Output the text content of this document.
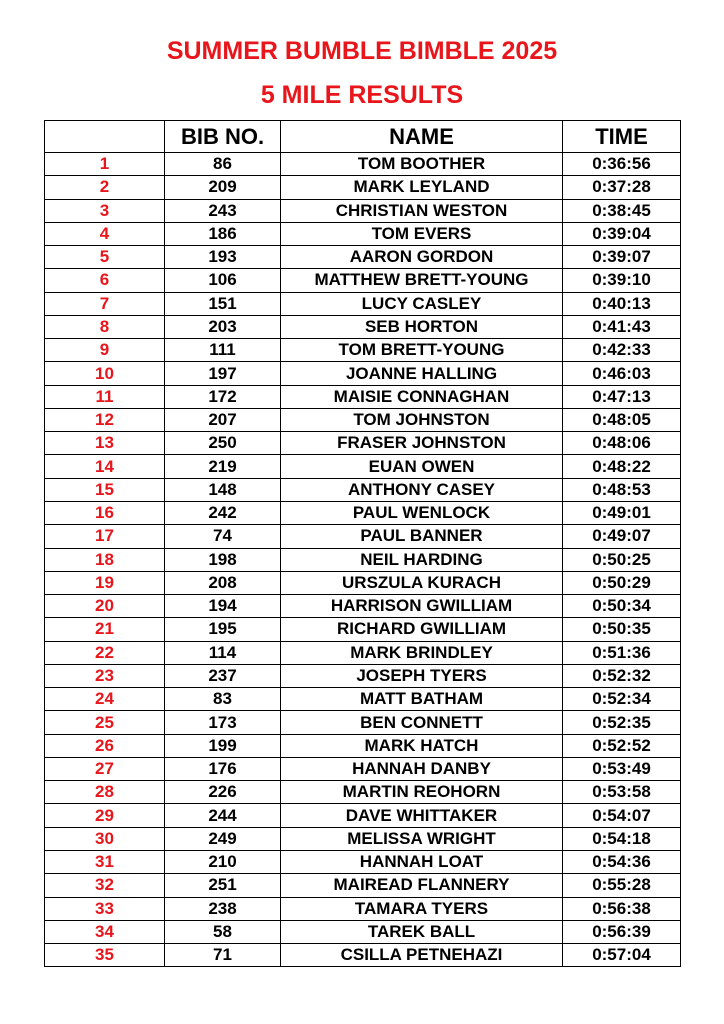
SUMMER BUMBLE BIMBLE 2025
5 MILE RESULTS
	BIB NO.	NAME	TIME
1	86	TOM BOOTHER	0:36:56
2	209	MARK LEYLAND	0:37:28
3	243	CHRISTIAN WESTON	0:38:45
4	186	TOM EVERS	0:39:04
5	193	AARON GORDON	0:39:07
6	106	MATTHEW BRETT-YOUNG	0:39:10
7	151	LUCY CASLEY	0:40:13
8	203	SEB HORTON	0:41:43
9	111	TOM BRETT-YOUNG	0:42:33
10	197	JOANNE HALLING	0:46:03
11	172	MAISIE CONNAGHAN	0:47:13
12	207	TOM JOHNSTON	0:48:05
13	250	FRASER JOHNSTON	0:48:06
14	219	EUAN OWEN	0:48:22
15	148	ANTHONY CASEY	0:48:53
16	242	PAUL WENLOCK	0:49:01
17	74	PAUL BANNER	0:49:07
18	198	NEIL HARDING	0:50:25
19	208	URSZULA KURACH	0:50:29
20	194	HARRISON GWILLIAM	0:50:34
21	195	RICHARD GWILLIAM	0:50:35
22	114	MARK BRINDLEY	0:51:36
23	237	JOSEPH TYERS	0:52:32
24	83	MATT BATHAM	0:52:34
25	173	BEN CONNETT	0:52:35
26	199	MARK HATCH	0:52:52
27	176	HANNAH DANBY	0:53:49
28	226	MARTIN REOHORN	0:53:58
29	244	DAVE WHITTAKER	0:54:07
30	249	MELISSA WRIGHT	0:54:18
31	210	HANNAH LOAT	0:54:36
32	251	MAIREAD FLANNERY	0:55:28
33	238	TAMARA TYERS	0:56:38
34	58	TAREK BALL	0:56:39
35	71	CSILLA PETNEHAZI	0:57:04
